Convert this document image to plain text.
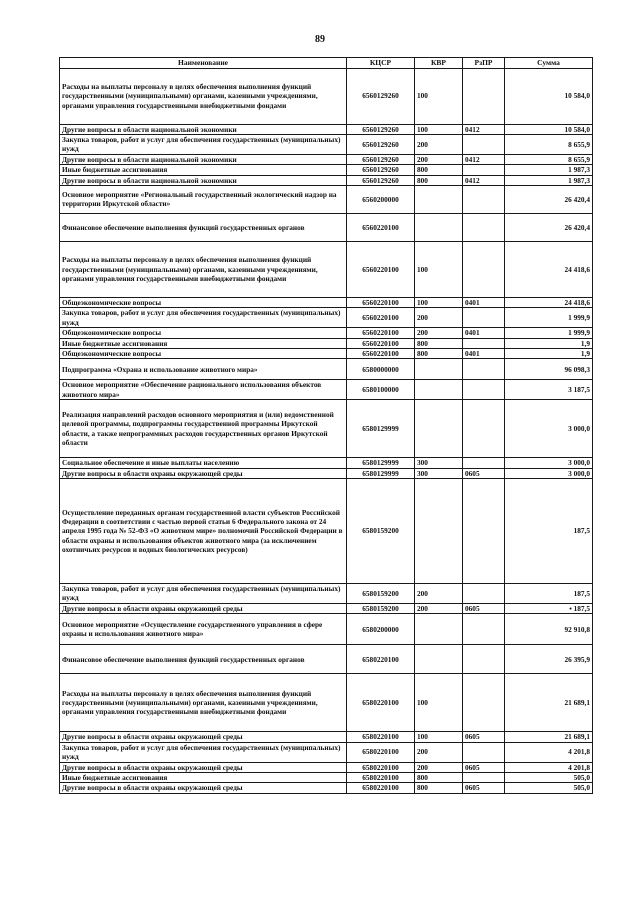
89
Наименование	КЦСР	КВР	РзПР	Сумма
Расходы на выплаты персоналу в целях обеспечения выполнения функций государственными (муниципальными) органами, казенными учреждениями, органами управления государственными внебюджетными фондами	6560129260	100		10 584,0
Другие вопросы в области национальной экономики	6560129260	100	0412	10 584,0
Закупка товаров, работ и услуг для обеспечения государственных (муниципальных) нужд	6560129260	200		8 655,9
Другие вопросы в области национальной экономики	6560129260	200	0412	8 655,9
Иные бюджетные ассигнования	6560129260	800		1 987,3
Другие вопросы в области национальной экономики	6560129260	800	0412	1 987,3
Основное мероприятие «Региональный государственный экологический надзор на территории Иркутской области»	6560200000			26 420,4
Финансовое обеспечение выполнения функций государственных органов	6560220100			26 420,4
Расходы на выплаты персоналу в целях обеспечения выполнения функций государственными (муниципальными) органами, казенными учреждениями, органами управления государственными внебюджетными фондами	6560220100	100		24 418,6
Общеэкономические вопросы	6560220100	100	0401	24 418,6
Закупка товаров, работ и услуг для обеспечения государственных (муниципальных) нужд	6560220100	200		1 999,9
Общеэкономические вопросы	6560220100	200	0401	1 999,9
Иные бюджетные ассигнования	6560220100	800		1,9
Общеэкономические вопросы	6560220100	800	0401	1,9
Подпрограмма «Охрана и использование животного мира»	6580000000			96 098,3
Основное мероприятие «Обеспечение рационального использования объектов животного мира»	6580100000			3 187,5
Реализация направлений расходов основного мероприятия и (или) ведомственной целевой программы, подпрограммы государственной программы Иркутской области, а также непрограммных расходов государственных органов Иркутской области	6580129999			3 000,0
Социальное обеспечение и иные выплаты населению	6580129999	300		3 000,0
Другие вопросы в области охраны окружающей среды	6580129999	300	0605	3 000,0
Осуществление переданных органам государственной власти субъектов Российской Федерации в соответствии с частью первой статьи 6 Федерального закона от 24 апреля 1995 года № 52-ФЗ «О животном мире» полномочий Российской Федерации в области охраны и использования объектов животного мира (за исключением охотничьих ресурсов и водных биологических ресурсов)	6580159200			187,5
Закупка товаров, работ и услуг для обеспечения государственных (муниципальных) нужд	6580159200	200		187,5
Другие вопросы в области охраны окружающей среды	6580159200	200	0605	• 187,5
Основное мероприятие «Осуществление государственного управления в сфере охраны и использования животного мира»	6580200000			92 910,8
Финансовое обеспечение выполнения функций государственных органов	6580220100			26 395,9
Расходы на выплаты персоналу в целях обеспечения выполнения функций государственными (муниципальными) органами, казенными учреждениями, органами управления государственными внебюджетными фондами	6580220100	100		21 689,1
Другие вопросы в области охраны окружающей среды	6580220100	100	0605	21 689,1
Закупка товаров, работ и услуг для обеспечения государственных (муниципальных) нужд	6580220100	200		4 201,8
Другие вопросы в области охраны окружающей среды	6580220100	200	0605	4 201,8
Иные бюджетные ассигнования	6580220100	800		505,0
Другие вопросы в области охраны окружающей среды	6580220100	800	0605	505,0
